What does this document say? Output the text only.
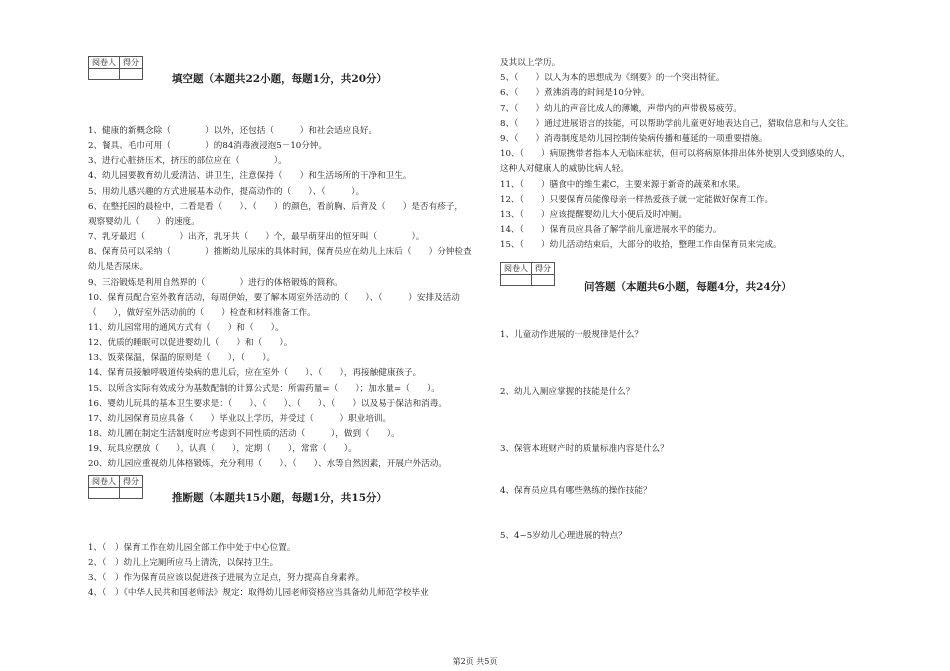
阅卷人	得分

填空题（本题共22小题，每题1分，共20分）
1、健康的新概念除（　　　　）以外，还包括（　　　）和社会适应良好。
2、餐具、毛巾可用（　　　　）的84消毒液浸泡5－10分钟。
3、进行心脏挤压术，挤压的部位应在（　　　　）。
4、幼儿园要教育幼儿爱清洁、讲卫生，注意保持（　　）和生活场所的干净和卫生。
5、用幼儿感兴趣的方式进展基本动作，提高动作的（　　）、（　　　）。
6、在整托园的晨检中，二看是看（　　）、（　　）的颜色，看前胸、后背及（　　）是否有疹子，
观察婴幼儿（　　）的速度。
7、乳牙最迟（　　　　）出齐，乳牙共（　　）个，最早萌芽出的恒牙叫（　　　　）。
8、保育员可以采纳（　　　　）推断幼儿尿床的具体时间，保育员应在幼儿上床后（　　）分钟检查
幼儿是否尿床。
9、三浴锻炼是利用自然界的（　　　　）进行的体格锻炼的简称。
10、保育员配合室外教育活动，每周伊始，要了解本周室外活动的（　　）、（　　　）安排及活动
（　　），做好室外活动前的（　　）检查和材料准备工作。
11、幼儿园常用的通风方式有（　　）和（　　）。
12、优质的睡眠可以促进婴幼儿（　　）和（　　）。
13、饭菜保温，保温的原则是（　　），（　　）。
14、保育员接触呼吸道传染病的患儿后，应在室外（　　）、（　　），再接触健康孩子。
15、以所含实际有效成分为基数配制的计算公式是：所需药量=（　　）；加水量=（　　）。
16、婴幼儿玩具的基本卫生要求是：（　　）、（　　）、（　　）、（　　）以及易于保洁和消毒。
17、幼儿园保育员应具备（　　）毕业以上学历，并受过（　　　）职业培训。
18、幼儿圃在制定生活制度时应考虑到不同性质的活动（　　　），做到（　　）。
19、玩具应摆放（　　），认真（　　），定期（　　），常常（　　）。
20、幼儿园应重视幼儿体格锻炼，充分利用（　　）、（　　）、水等自然因素，开展户外活动。
阅卷人	得分

推断题（本题共15小题，每题1分，共15分）
1、（　）保育工作在幼儿园全部工作中处于中心位置。
2、（　）幼儿上完厕所应马上清洗，以保持卫生。
3、（　）作为保育员应该以促进孩子进展为立足点，努力提高自身素养。
4、（　）《中华人民共和国老师法》规定：取得幼儿园老师资格应当具备幼儿师范学校毕业
及其以上学历。
5、（　　）以人为本的思想成为《纲要》的一个突出特征。
6、（　　）煮沸消毒的时间是10分钟。
7、（　　）幼儿的声音比成人的薄嫩，声带内的声带极易疲劳。
8、（　　）通过进展语言的技能，可以帮助学前儿童更好地表达自己，猎取信息和与人交往。
9、（　　）消毒制度是幼儿园控制传染病传播和蔓延的一项重要措施。
10、（　　）病原携带者指本人无临床症状，但可以将病原体排出体外使别人受到感染的人，
这种人对健康人的威胁比病人轻。
11、（　　）膳食中的维生素C，主要来源于新奇的蔬菜和水果。
12、（　　）只要保育员能像母亲一样热爱孩子就一定能做好保育工作。
13、（　　）应该提醒婴幼儿大小便后及时冲厕。
14、（　　）保育员应具备了解学前儿童进展水平的能力。
15、（　　）幼儿活动结束后，大部分的收拾，整理工作由保育员来完成。
阅卷人	得分

问答题（本题共6小题，每题4分，共24分）
1、儿童动作进展的一般规律是什么？
2、幼儿入厕应掌握的技能是什么？
3、保管本班财产时的质量标准内容是什么？
4、保育员应具有哪些熟练的操作技能？
5、4~5岁幼儿心理进展的特点？
第2页 共5页
